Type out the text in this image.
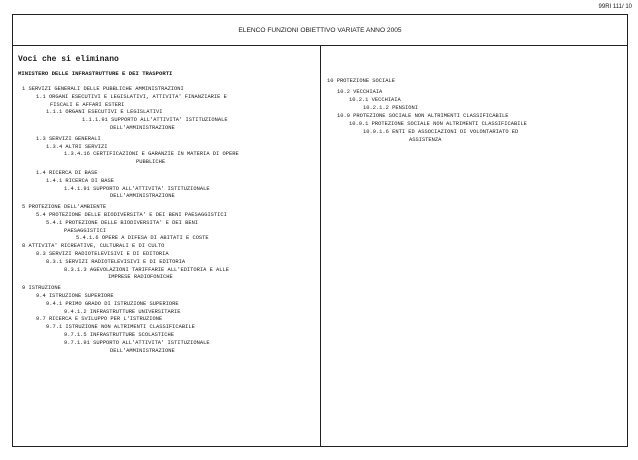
99RI 111/ 10
ELENCO FUNZIONI OBIETTIVO VARIATE ANNO 2005
Voci che si eliminano
MINISTERO DELLE INFRASTRUTTURE E DEI TRASPORTI
1 SERVIZI GENERALI DELLE PUBBLICHE AMMINISTRAZIONI
1.1 ORGANI ESECUTIVI E LEGISLATIVI, ATTIVITA' FINANZIARIE E
FISCALI E AFFARI ESTERI
1.1.1 ORGANI ESECUTIVI E LEGISLATIVI
1.1.1.91 SUPPORTO ALL'ATTIVITA' ISTITUZIONALE
DELL'AMMINISTRAZIONE
1.3 SERVIZI GENERALI
1.3.4 ALTRI SERVIZI
1.3.4.16 CERTIFICAZIONI E GARANZIE IN MATERIA DI OPERE
PUBBLICHE
1.4 RICERCA DI BASE
1.4.1 RICERCA DI BASE
1.4.1.91 SUPPORTO ALL'ATTIVITA' ISTITUZIONALE
DELL'AMMINISTRAZIONE
5 PROTEZIONE DELL'AMBIENTE
5.4 PROTEZIONE DELLE BIODIVERSITA' E DEI BENI PAESAGGISTICI
5.4.1 PROTEZIONE DELLE BIODIVERSITA' E DEI BENI
PAESAGGISTICI
5.4.1.6 OPERE A DIFESA DI ABITATI E COSTE
8 ATTIVITA' RICREATIVE, CULTURALI E DI CULTO
8.3 SERVIZI RADIOTELEVISIVI E DI EDITORIA
8.3.1 SERVIZI RADIOTELEVISIVI E DI EDITORIA
8.3.1.3 AGEVOLAZIONI TARIFFARIE ALL'EDITORIA E ALLE
IMPRESE RADIOFONICHE
9 ISTRUZIONE
9.4 ISTRUZIONE SUPERIORE
9.4.1 PRIMO GRADO DI ISTRUZIONE SUPERIORE
9.4.1.2 INFRASTRUTTURE UNIVERSITARIE
9.7 RICERCA E SVILUPPO PER L'ISTRUZIONE
9.7.1 ISTRUZIONE NON ALTRIMENTI CLASSIFICABILE
9.7.1.5 INFRASTRUTTURE SCOLASTICHE
9.7.1.91 SUPPORTO ALL'ATTIVITA' ISTITUZIONALE
DELL'AMMINISTRAZIONE
10 PROTEZIONE SOCIALE
10.2 VECCHIAIA
10.2.1 VECCHIAIA
10.2.1.2 PENSIONI
10.9 PROTEZIONE SOCIALE NON ALTRIMENTI CLASSIFICABILE
10.9.1 PROTEZIONE SOCIALE NON ALTRIMENTI CLASSIFICABILE
10.9.1.6 ENTI ED ASSOCIAZIONI DI VOLONTARIATO ED
ASSISTENZA
